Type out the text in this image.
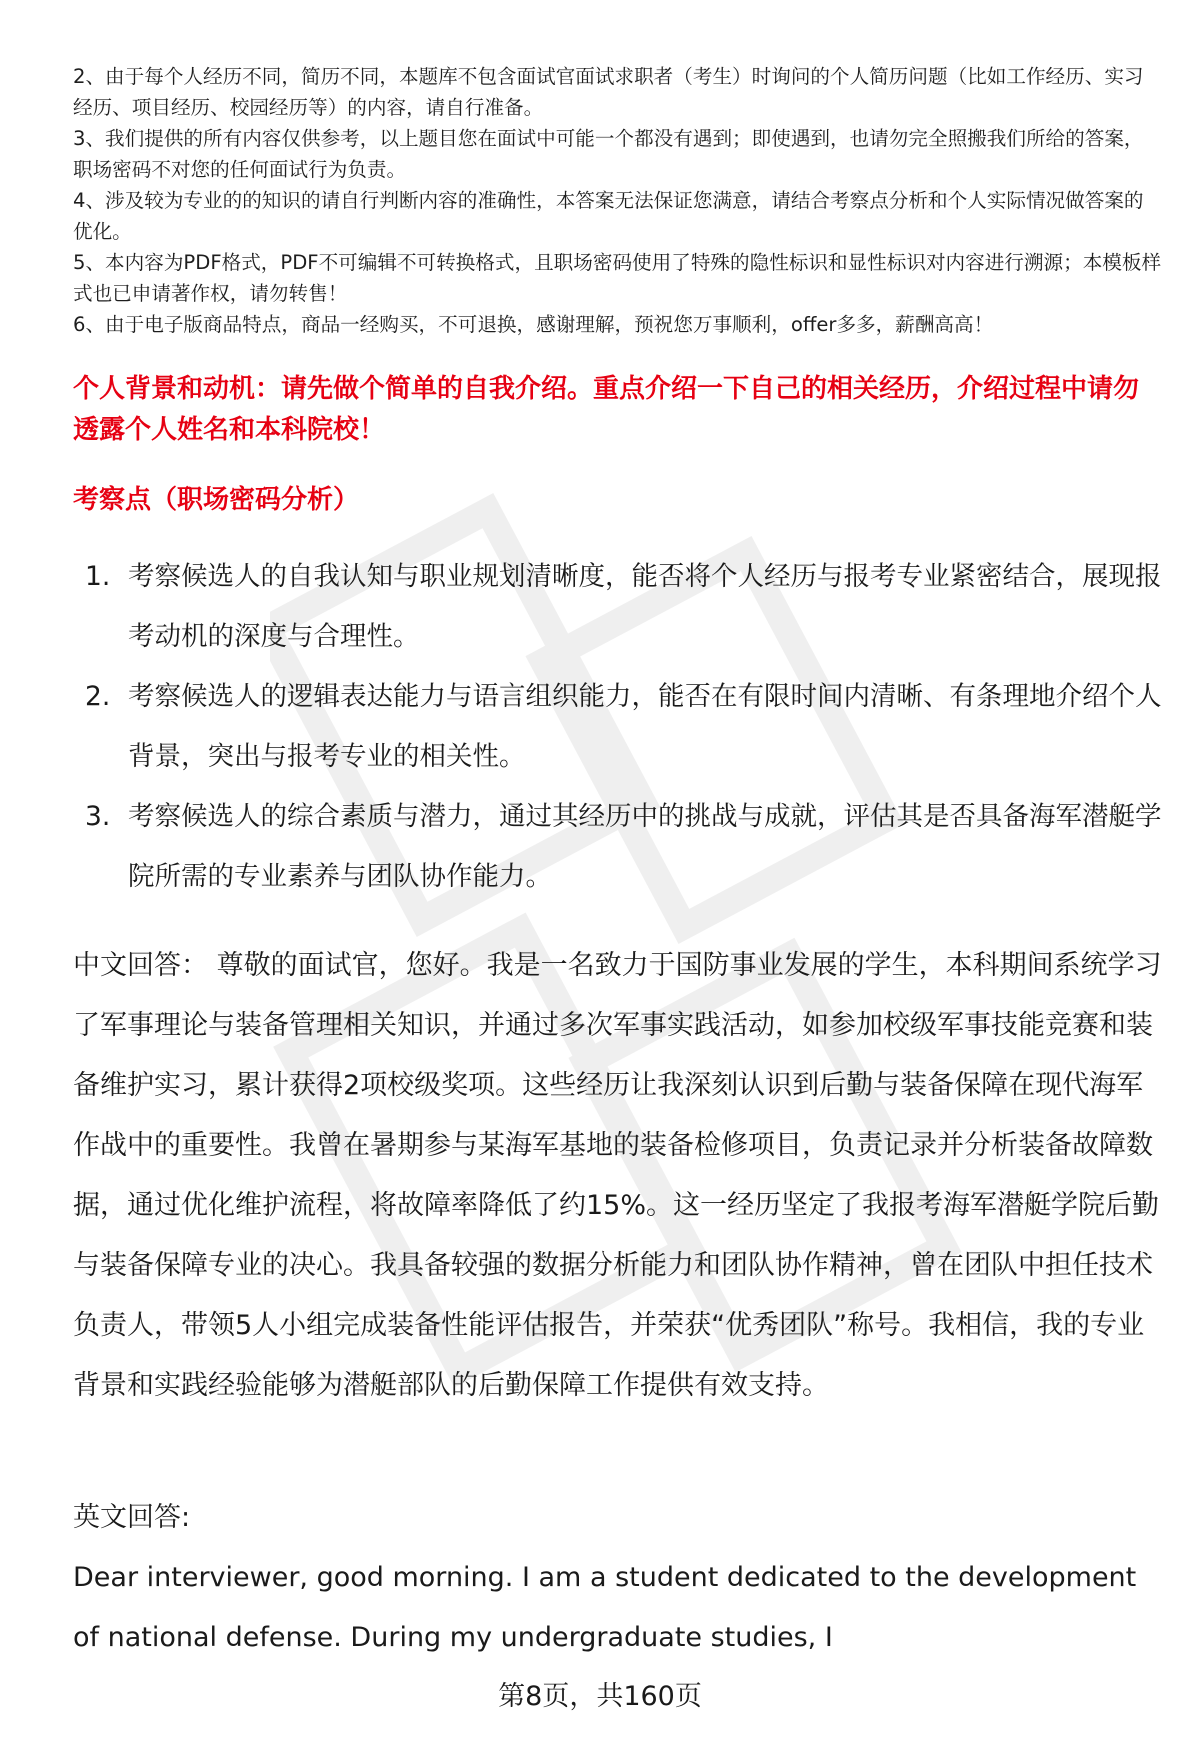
2、由于每个人经历不同，简历不同，本题库不包含面试官面试求职者（考生）时询问的个人简历问题（比如工作经历、实习经历、项目经历、校园经历等）的内容，请自行准备。

3、我们提供的所有内容仅供参考，以上题目您在面试中可能一个都没有遇到；即使遇到，也请勿完全照搬我们所给的答案，职场密码不对您的任何面试行为负责。

4、涉及较为专业的的知识的请自行判断内容的准确性，本答案无法保证您满意，请结合考察点分析和个人实际情况做答案的优化。

5、本内容为PDF格式，PDF不可编辑不可转换格式，且职场密码使用了特殊的隐性标识和显性标识对内容进行溯源；本模板样式也已申请著作权，请勿转售！

6、由于电子版商品特点，商品一经购买，不可退换，感谢理解，预祝您万事顺利，offer多多，薪酬高高！

个人背景和动机：请先做个简单的自我介绍。重点介绍一下自己的相关经历，介绍过程中请勿透露个人姓名和本科院校！
考察点（职场密码分析）
1. 考察候选人的自我认知与职业规划清晰度，能否将个人经历与报考专业紧密结合，展现报考动机的深度与合理性。
2. 考察候选人的逻辑表达能力与语言组织能力，能否在有限时间内清晰、有条理地介绍个人背景，突出与报考专业的相关性。
3. 考察候选人的综合素质与潜力，通过其经历中的挑战与成就，评估其是否具备海军潜艇学院所需的专业素养与团队协作能力。

中文回答： 尊敬的面试官，您好。我是一名致力于国防事业发展的学生，本科期间系统学习了军事理论与装备管理相关知识，并通过多次军事实践活动，如参加校级军事技能竞赛和装备维护实习，累计获得2项校级奖项。这些经历让我深刻认识到后勤与装备保障在现代海军作战中的重要性。我曾在暑期参与某海军基地的装备检修项目，负责记录并分析装备故障数据，通过优化维护流程，将故障率降低了约15%。这一经历坚定了我报考海军潜艇学院后勤与装备保障专业的决心。我具备较强的数据分析能力和团队协作精神，曾在团队中担任技术负责人，带领5人小组完成装备性能评估报告，并荣获“优秀团队”称号。我相信，我的专业背景和实践经验能够为潜艇部队的后勤保障工作提供有效支持。

英文回答:

Dear interviewer, good morning. I am a student dedicated to the development of national defense. During my undergraduate studies, I

第8页，共160页
